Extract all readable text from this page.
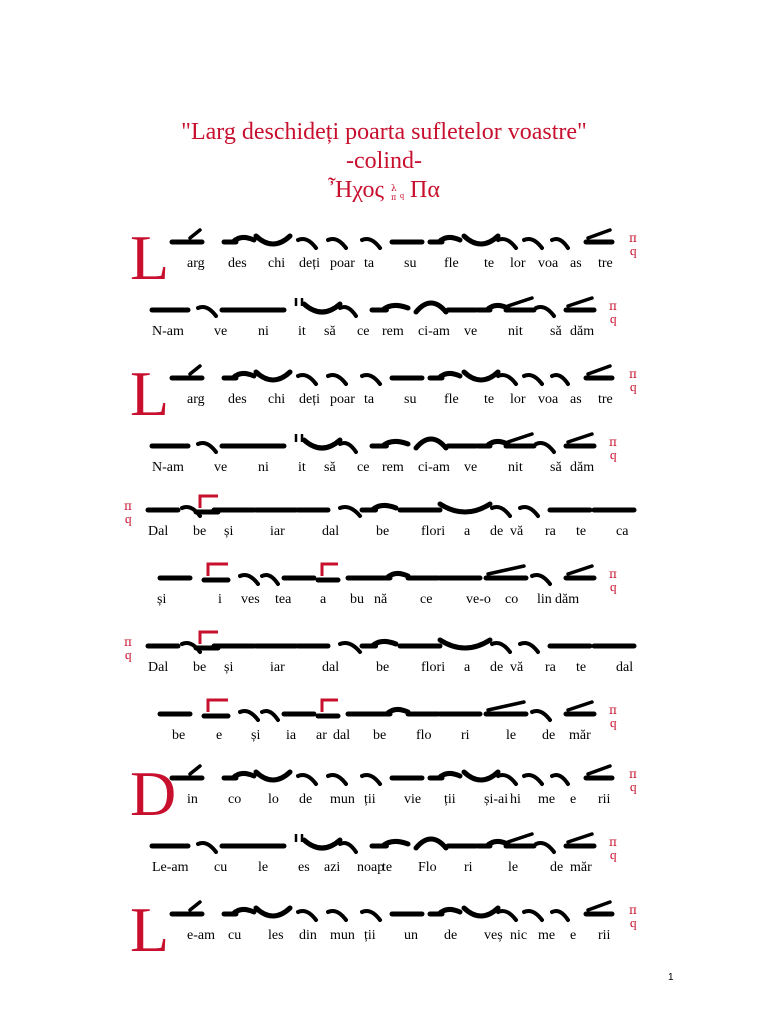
"Larg deschideți poarta sufletelor voastre"
-colind-
Ἦχος λ
π ϥ Πα
L arg des chi deți poar ta su fle te lor voa as tre
π
ϥ
N-am ve ni it să ce rem ci-am ve nit să dăm
π
ϥ
L arg des chi deți poar ta su fle te lor voa as tre
π
ϥ
N-am ve ni it să ce rem ci-am ve nit să dăm
π
ϥ
Dal be și	iar	dal	be flori a de vă ra te ca
π
ϥ
și	i ves tea a bu nă ce ve-o co lin dăm
π
ϥ
Dal be și	iar	dal	be flori a de vă ra te dal
π
ϥ
be e și ia ar dal be flo ri	le de măr
π
ϥ
D in co lo de mun ții vie ții și-ai hi me e rii
π
ϥ
Le-am cu le es azi noap
te Flo ri	le de măr
π
ϥ
L e-am cu les din mun ții un de veș nic me e rii
π
ϥ
1
